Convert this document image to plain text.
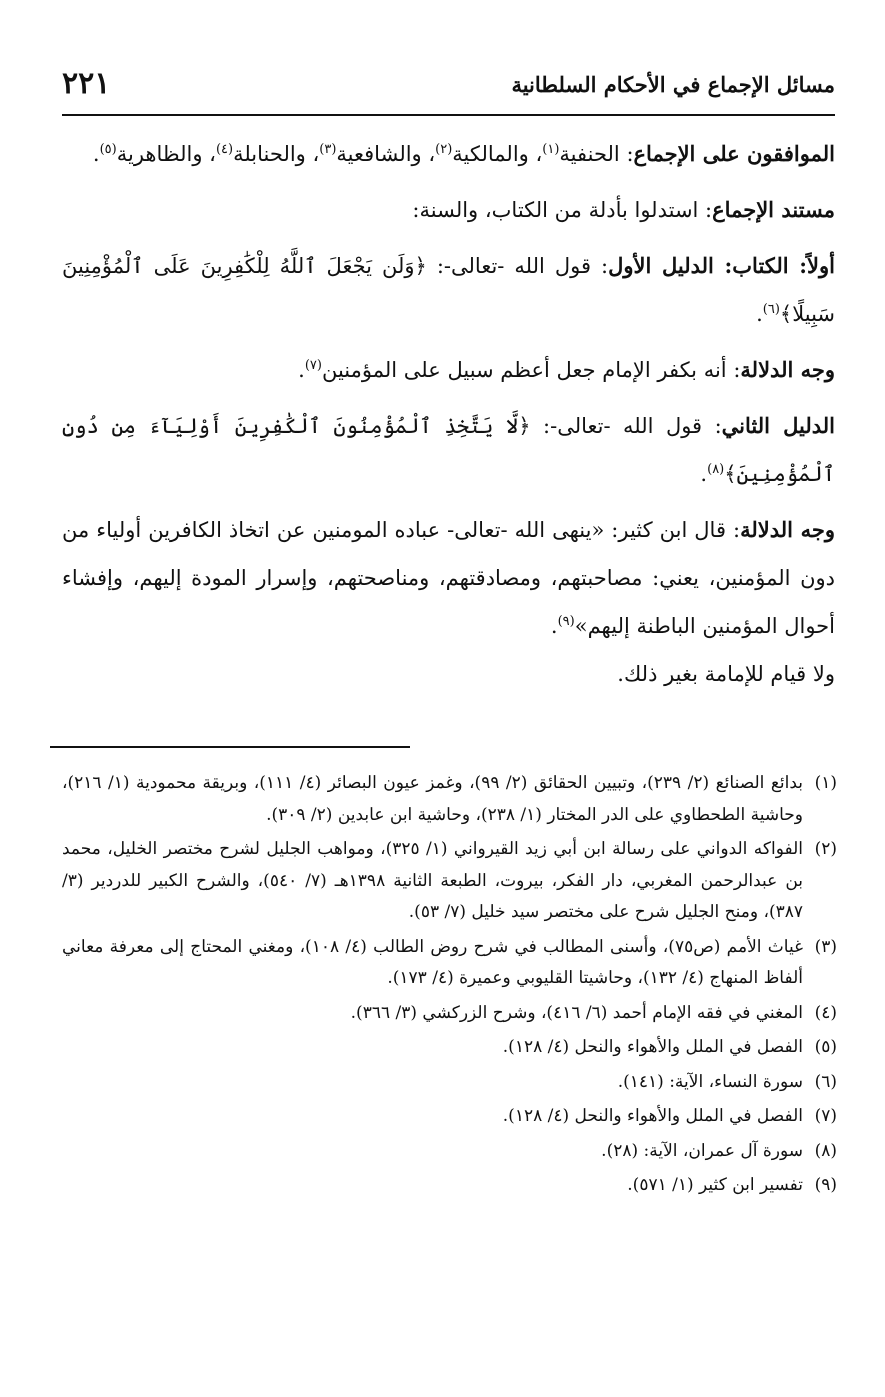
مسائل الإجماع في الأحكام السلطانية
٢٢١

الموافقون على الإجماع: الحنفية$^{(١)}$، والمالكية$^{(٢)}$، والشافعية$^{(٣)}$، والحنابلة$^{(٤)}$، والظاهرية$^{(٥)}$.

مستند الإجماع: استدلوا بأدلة من الكتاب، والسنة:

أولاً: الكتاب: الدليل الأول: قول الله -تعالى-: ﴿وَلَن يَجْعَلَ ٱللَّهُ لِلْكَٰفِرِينَ عَلَى ٱلْمُؤْمِنِينَ سَبِيلًا﴾$^{(٦)}$.

وجه الدلالة: أنه بكفر الإمام جعل أعظم سبيل على المؤمنين$^{(٧)}$.

الدليل الثاني: قول الله -تعالى-: ﴿لَّا يَتَّخِذِ ٱلْمُؤْمِنُونَ ٱلْكَٰفِرِينَ أَوْلِيَآءَ مِن دُونِ ٱلْمُؤْمِنِينَ﴾$^{(٨)}$.

وجه الدلالة: قال ابن كثير: «ينهى الله -تعالى- عباده المومنين عن اتخاذ الكافرين أولياء من دون المؤمنين، يعني: مصاحبتهم، ومصادقتهم، ومناصحتهم، وإسرار المودة إليهم، وإفشاء أحوال المؤمنين الباطنة إليهم»$^{(٩)}$.
ولا قيام للإمامة بغير ذلك.

(١)
بدائع الصنائع (٢/ ٢٣٩)، وتبيين الحقائق (٢/ ٩٩)، وغمز عيون البصائر (٤/ ١١١)، وبريقة محمودية (١/ ٢١٦)، وحاشية الطحطاوي على الدر المختار (١/ ٢٣٨)، وحاشية ابن عابدين (٢/ ٣٠٩).
(٢)
الفواكه الدواني على رسالة ابن أبي زيد القيرواني (١/ ٣٢٥)، ومواهب الجليل لشرح مختصر الخليل، محمد بن عبدالرحمن المغربي، دار الفكر، بيروت، الطبعة الثانية ١٣٩٨هـ (٧/ ٥٤٠)، والشرح الكبير للدردير (٣/ ٣٨٧)، ومنح الجليل شرح على مختصر سيد خليل (٧/ ٥٣).
(٣)
غياث الأمم (ص٧٥)، وأسنى المطالب في شرح روض الطالب (٤/ ١٠٨)، ومغني المحتاج إلى معرفة معاني ألفاظ المنهاج (٤/ ١٣٢)، وحاشيتا القليوبي وعميرة (٤/ ١٧٣).
(٤)
المغني في فقه الإمام أحمد (٦/ ٤١٦)، وشرح الزركشي (٣/ ٣٦٦).
(٥)
الفصل في الملل والأهواء والنحل (٤/ ١٢٨).
(٦)
سورة النساء، الآية: (١٤١).
(٧)
الفصل في الملل والأهواء والنحل (٤/ ١٢٨).
(٨)
سورة آل عمران، الآية: (٢٨).
(٩)
تفسير ابن كثير (١/ ٥٧١).
